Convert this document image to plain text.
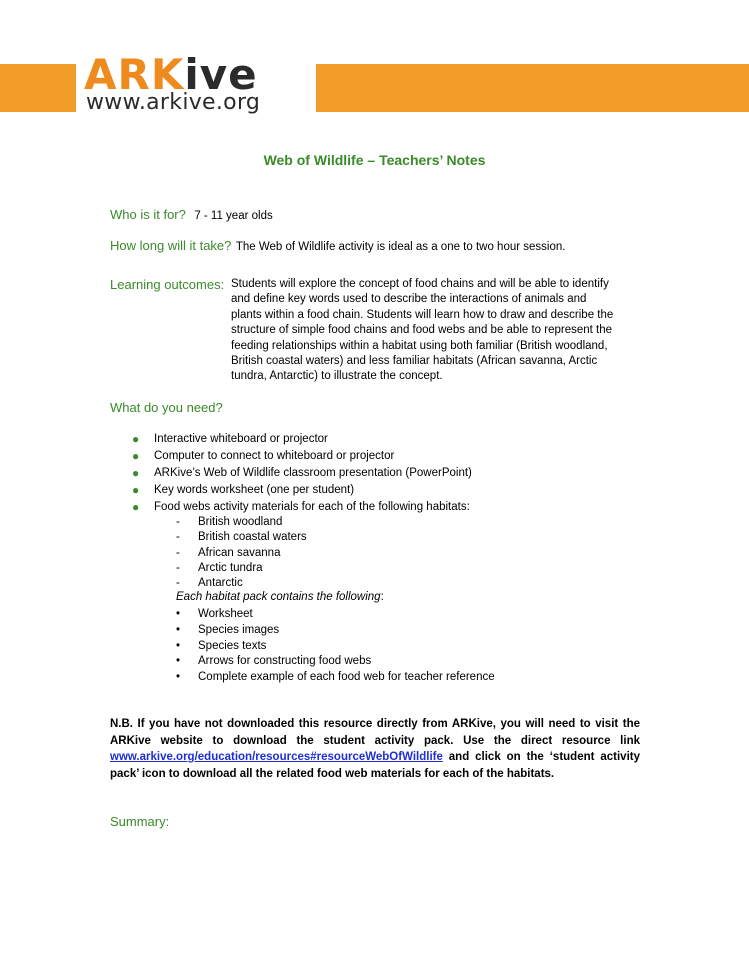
ARKive
www.arkive.org
Web of Wildlife – Teachers’ Notes
Who is it for? 7 - 11 year olds
How long will it take? The Web of Wildlife activity is ideal as a one to two hour session.
Learning outcomes: Students will explore the concept of food chains and will be able to identify
and define key words used to describe the interactions of animals and
plants within a food chain. Students will learn how to draw and describe the
structure of simple food chains and food webs and be able to represent the
feeding relationships within a habitat using both familiar (British woodland,
British coastal waters) and less familiar habitats (African savanna, Arctic
tundra, Antarctic) to illustrate the concept.
What do you need?
● Interactive whiteboard or projector
● Computer to connect to whiteboard or projector
● ARKive’s Web of Wildlife classroom presentation (PowerPoint)
● Key words worksheet (one per student)
● Food webs activity materials for each of the following habitats:
- British woodland
- British coastal waters
- African savanna
- Arctic tundra
- Antarctic
Each habitat pack contains the following:
• Worksheet
• Species images
• Species texts
• Arrows for constructing food webs
• Complete example of each food web for teacher reference
N.B. If you have not downloaded this resource directly from ARKive, you will need to visit the ARKive website to download the student activity pack. Use the direct resource link www.arkive.org/education/resources#resourceWebOfWildlife and click on the ‘student activity pack’ icon to download all the related food web materials for each of the habitats.
Summary:
